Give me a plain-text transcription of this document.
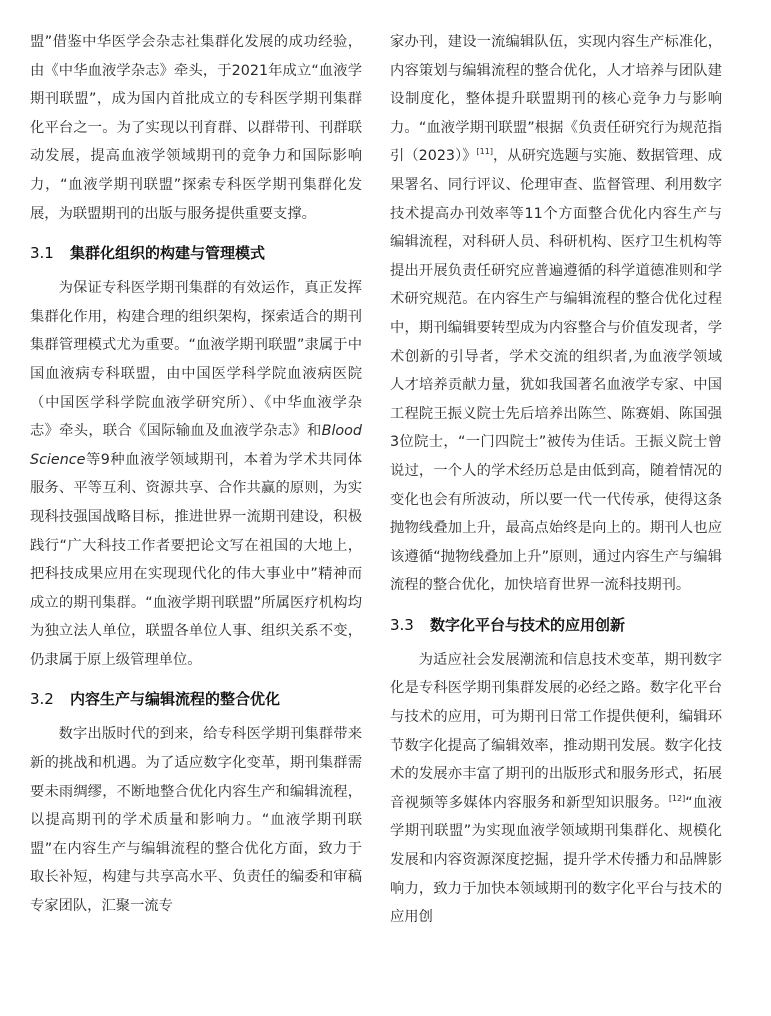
盟”借鉴中华医学会杂志社集群化发展的成功经验，由《中华血液学杂志》牵头，于2021年成立“血液学期刊联盟”，成为国内首批成立的专科医学期刊集群化平台之一。为了实现以刊育群、以群带刊、刊群联动发展，提高血液学领域期刊的竞争力和国际影响力，“血液学期刊联盟”探索专科医学期刊集群化发展，为联盟期刊的出版与服务提供重要支撑。

3.1 集群化组织的构建与管理模式

为保证专科医学期刊集群的有效运作，真正发挥集群化作用，构建合理的组织架构，探索适合的期刊集群管理模式尤为重要。“血液学期刊联盟”隶属于中国血液病专科联盟，由中国医学科学院血液病医院（中国医学科学院血液学研究所）、《中华血液学杂志》牵头，联合《国际输血及血液学杂志》和Blood Science等9种血液学领域期刊，本着为学术共同体服务、平等互利、资源共享、合作共赢的原则，为实现科技强国战略目标，推进世界一流期刊建设，积极践行“广大科技工作者要把论文写在祖国的大地上，把科技成果应用在实现现代化的伟大事业中”精神而成立的期刊集群。“血液学期刊联盟”所属医疗机构均为独立法人单位，联盟各单位人事、组织关系不变，仍隶属于原上级管理单位。

3.2 内容生产与编辑流程的整合优化

数字出版时代的到来，给专科医学期刊集群带来新的挑战和机遇。为了适应数字化变革，期刊集群需要未雨绸缪，不断地整合优化内容生产和编辑流程，以提高期刊的学术质量和影响力。“血液学期刊联盟”在内容生产与编辑流程的整合优化方面，致力于取长补短，构建与共享高水平、负责任的编委和审稿专家团队，汇聚一流专

家办刊，建设一流编辑队伍，实现内容生产标准化，内容策划与编辑流程的整合优化，人才培养与团队建设制度化，整体提升联盟期刊的核心竞争力与影响力。“血液学期刊联盟”根据《负责任研究行为规范指引（2023）》[11]，从研究选题与实施、数据管理、成果署名、同行评议、伦理审查、监督管理、利用数字技术提高办刊效率等11个方面整合优化内容生产与编辑流程，对科研人员、科研机构、医疗卫生机构等提出开展负责任研究应普遍遵循的科学道德准则和学术研究规范。在内容生产与编辑流程的整合优化过程中，期刊编辑要转型成为内容整合与价值发现者，学术创新的引导者，学术交流的组织者,为血液学领域人才培养贡献力量，犹如我国著名血液学专家、中国工程院王振义院士先后培养出陈竺、陈赛娟、陈国强3位院士，“一门四院士”被传为佳话。王振义院士曾说过，一个人的学术经历总是由低到高，随着情况的变化也会有所波动，所以要一代一代传承，使得这条抛物线叠加上升，最高点始终是向上的。期刊人也应该遵循“抛物线叠加上升”原则，通过内容生产与编辑流程的整合优化，加快培育世界一流科技期刊。

3.3 数字化平台与技术的应用创新

为适应社会发展潮流和信息技术变革，期刊数字化是专科医学期刊集群发展的必经之路。数字化平台与技术的应用，可为期刊日常工作提供便利，编辑环节数字化提高了编辑效率，推动期刊发展。数字化技术的发展亦丰富了期刊的出版形式和服务形式，拓展音视频等多媒体内容服务和新型知识服务。[12]“血液学期刊联盟”为实现血液学领域期刊集群化、规模化发展和内容资源深度挖掘，提升学术传播力和品牌影响力，致力于加快本领域期刊的数字化平台与技术的应用创
